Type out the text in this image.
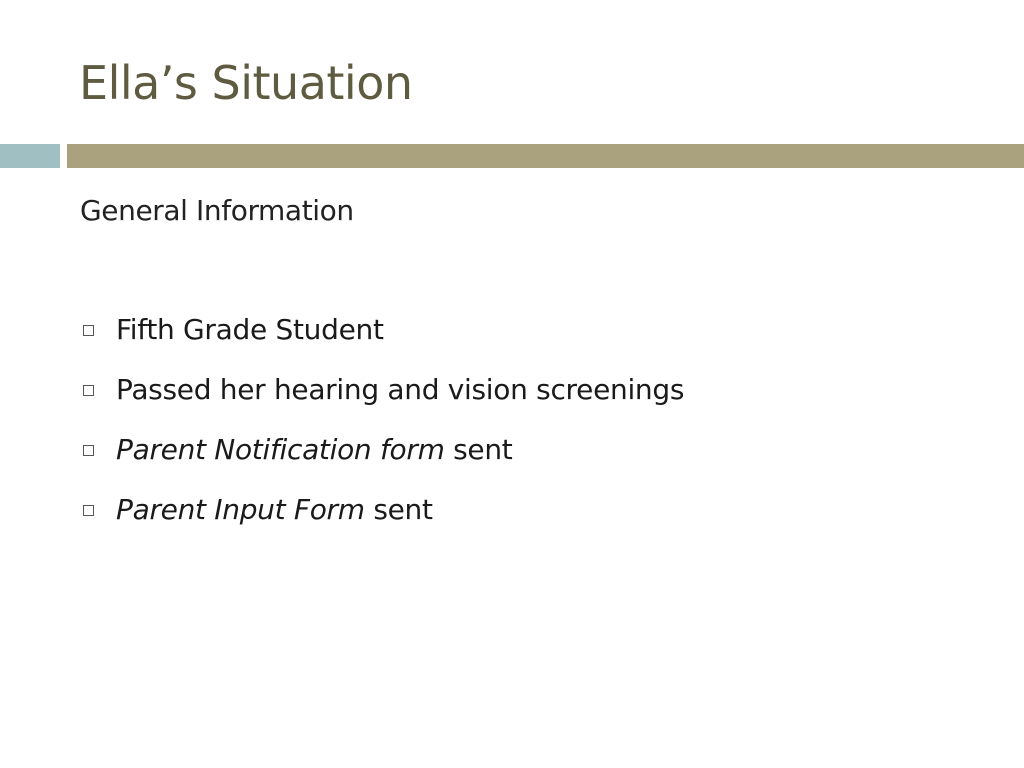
Ella’s Situation

General Information

Fifth Grade Student
Passed her hearing and vision screenings
Parent Notification form sent
Parent Input Form sent
